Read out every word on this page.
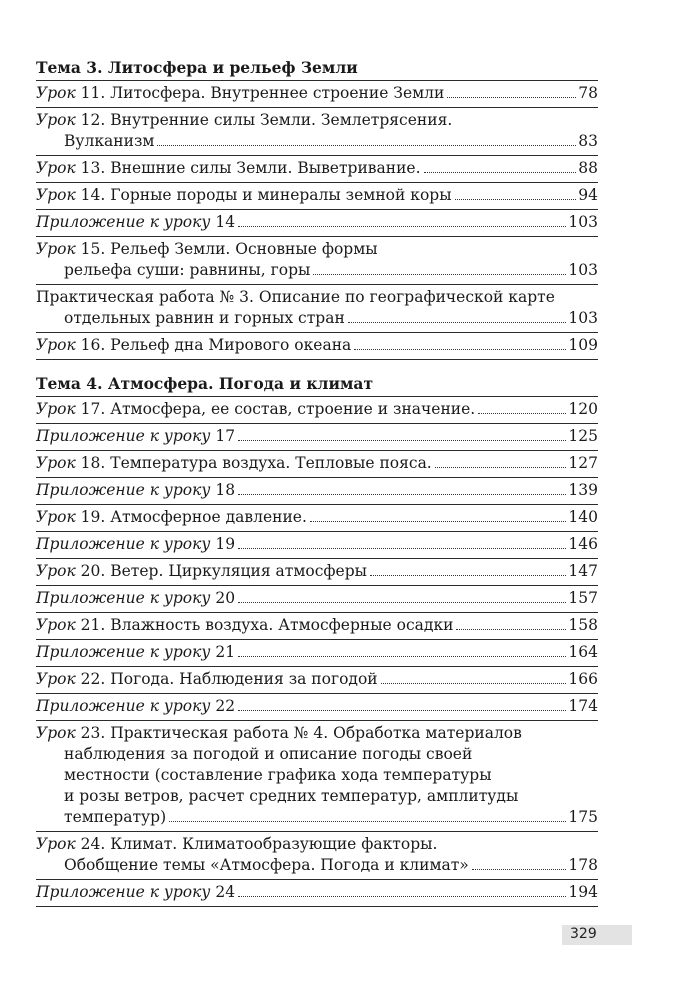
Тема 3. Литосфера и рельеф Земли
Урок 11. Литосфера. Внутреннее строение Земли	78
Урок 12. Внутренние силы Земли. Землетрясения.
Вулканизм	83
Урок 13. Внешние силы Земли. Выветривание.	88
Урок 14. Горные породы и минералы земной коры	94
Приложение к уроку 14	103
Урок 15. Рельеф Земли. Основные формы
рельефа суши: равнины, горы	103
Практическая работа № 3. Описание по географической карте
отдельных равнин и горных стран	103
Урок 16. Рельеф дна Мирового океана	109
Тема 4. Атмосфера. Погода и климат
Урок 17. Атмосфера, ее состав, строение и значение.	120
Приложение к уроку 17	125
Урок 18. Температура воздуха. Тепловые пояса.	127
Приложение к уроку 18	139
Урок 19. Атмосферное давление.	140
Приложение к уроку 19	146
Урок 20. Ветер. Циркуляция атмосферы	147
Приложение к уроку 20	157
Урок 21. Влажность воздуха. Атмосферные осадки	158
Приложение к уроку 21	164
Урок 22. Погода. Наблюдения за погодой	166
Приложение к уроку 22	174
Урок 23. Практическая работа № 4. Обработка материалов
наблюдения за погодой и описание погоды своей
местности (составление графика хода температуры
и розы ветров, расчет средних температур, амплитуды
температур)	175
Урок 24. Климат. Климатообразующие факторы.
Обобщение темы «Атмосфера. Погода и климат»	178
Приложение к уроку 24	194
329
